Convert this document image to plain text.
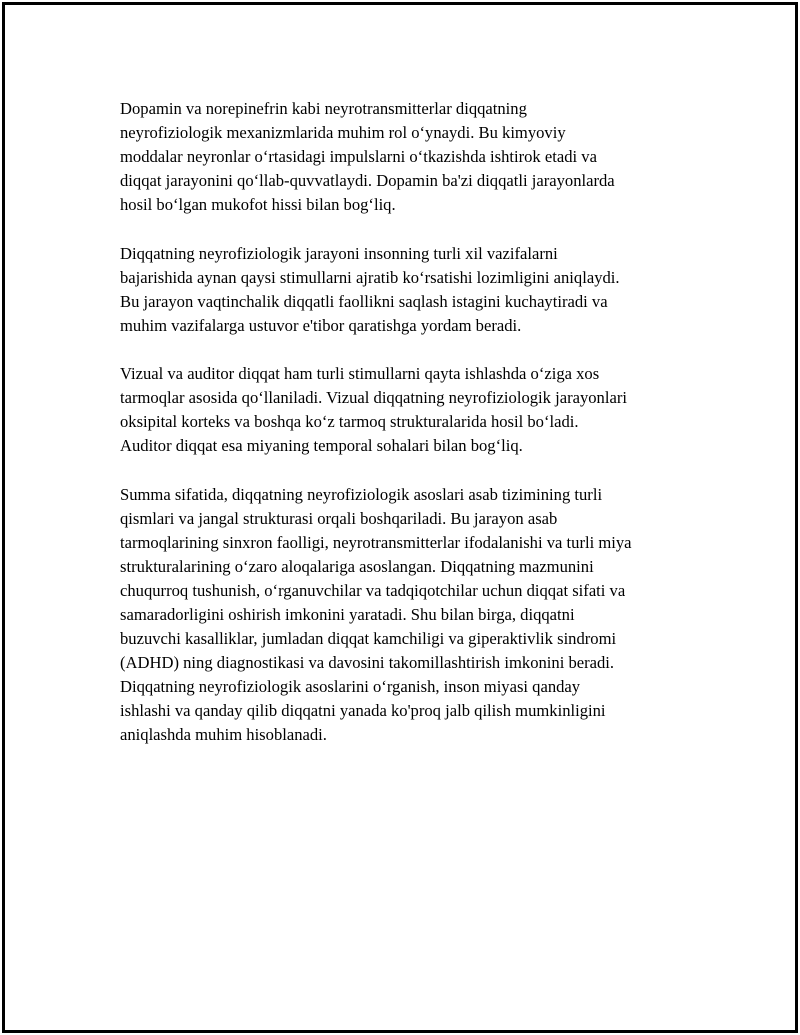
Dopamin va norepinefrin kabi neyrotransmitterlar diqqatning
neyrofiziologik mexanizmlarida muhim rol oʻynaydi. Bu kimyoviy
moddalar neyronlar oʻrtasidagi impulslarni oʻtkazishda ishtirok etadi va
diqqat jarayonini qoʻllab-quvvatlaydi. Dopamin ba'zi diqqatli jarayonlarda
hosil boʻlgan mukofot hissi bilan bogʻliq.

Diqqatning neyrofiziologik jarayoni insonning turli xil vazifalarni
bajarishida aynan qaysi stimullarni ajratib koʻrsatishi lozimligini aniqlaydi.
Bu jarayon vaqtinchalik diqqatli faollikni saqlash istagini kuchaytiradi va
muhim vazifalarga ustuvor e'tibor qaratishga yordam beradi.

Vizual va auditor diqqat ham turli stimullarni qayta ishlashda oʻziga xos
tarmoqlar asosida qoʻllaniladi. Vizual diqqatning neyrofiziologik jarayonlari
oksipital korteks va boshqa koʻz tarmoq strukturalarida hosil boʻladi.
Auditor diqqat esa miyaning temporal sohalari bilan bogʻliq.

Summa sifatida, diqqatning neyrofiziologik asoslari asab tizimining turli
qismlari va jangal strukturasi orqali boshqariladi. Bu jarayon asab
tarmoqlarining sinxron faolligi, neyrotransmitterlar ifodalanishi va turli miya
strukturalarining oʻzaro aloqalariga asoslangan. Diqqatning mazmunini
chuqurroq tushunish, oʻrganuvchilar va tadqiqotchilar uchun diqqat sifati va
samaradorligini oshirish imkonini yaratadi. Shu bilan birga, diqqatni
buzuvchi kasalliklar, jumladan diqqat kamchiligi va giperaktivlik sindromi
(ADHD) ning diagnostikasi va davosini takomillashtirish imkonini beradi.
Diqqatning neyrofiziologik asoslarini oʻrganish, inson miyasi qanday
ishlashi va qanday qilib diqqatni yanada ko'proq jalb qilish mumkinligini
aniqlashda muhim hisoblanadi.
